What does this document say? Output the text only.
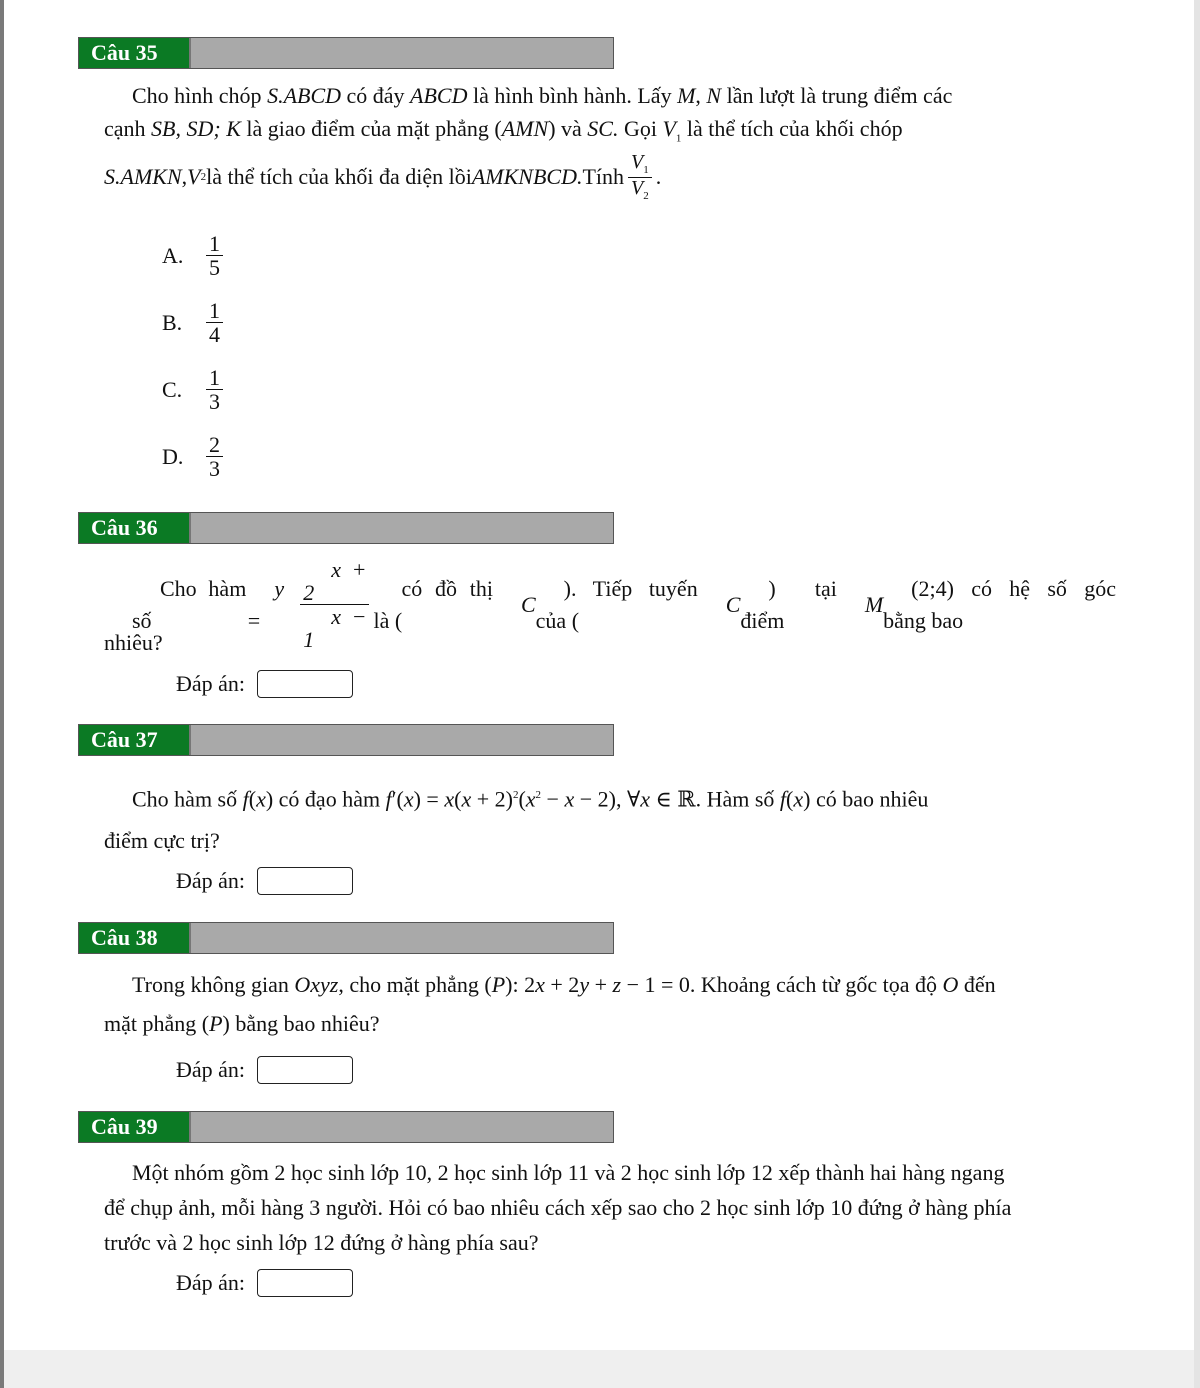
Câu 35
Cho hình chóp S.ABCD có đáy ABCD là hình bình hành. Lấy M, N lần lượt là trung điểm các
cạnh SB, SD; K là giao điểm của mặt phẳng (AMN) và SC. Gọi $V_1$ là thể tích của khối chóp
S.AMKN , V 2 là thể tích của khối đa diện lồi AMKNBCD. Tính $\frac{V_1}{V_2}$ .
A.	$\frac{1}{5}$
B.	$\frac{1}{4}$
C.	$\frac{1}{3}$
D.	$\frac{2}{3}$
Câu 36
Cho hàm số
y =	$\frac{x + 2}{x - 1}$	có đồ thị là (
C
). Tiếp tuyến của (
C
) tại điểm
M
(2;4) có hệ số góc bằng bao
nhiêu?
Đáp án:
Câu 37
Cho hàm số f(x) có đạo hàm $f'(x) = x(x + 2)^2(x^2 - x - 2)$, ∀x ∈ ℝ. Hàm số f(x) có bao nhiêu
điểm cực trị?
Đáp án:
Câu 38
Trong không gian Oxyz, cho mặt phẳng (P): 2x + 2y + z − 1 = 0. Khoảng cách từ gốc tọa độ O đến
mặt phẳng (P) bằng bao nhiêu?
Đáp án:
Câu 39
Một nhóm gồm 2 học sinh lớp 10, 2 học sinh lớp 11 và 2 học sinh lớp 12 xếp thành hai hàng ngang
để chụp ảnh, mỗi hàng 3 người. Hỏi có bao nhiêu cách xếp sao cho 2 học sinh lớp 10 đứng ở hàng phía
trước và 2 học sinh lớp 12 đứng ở hàng phía sau?
Đáp án:
